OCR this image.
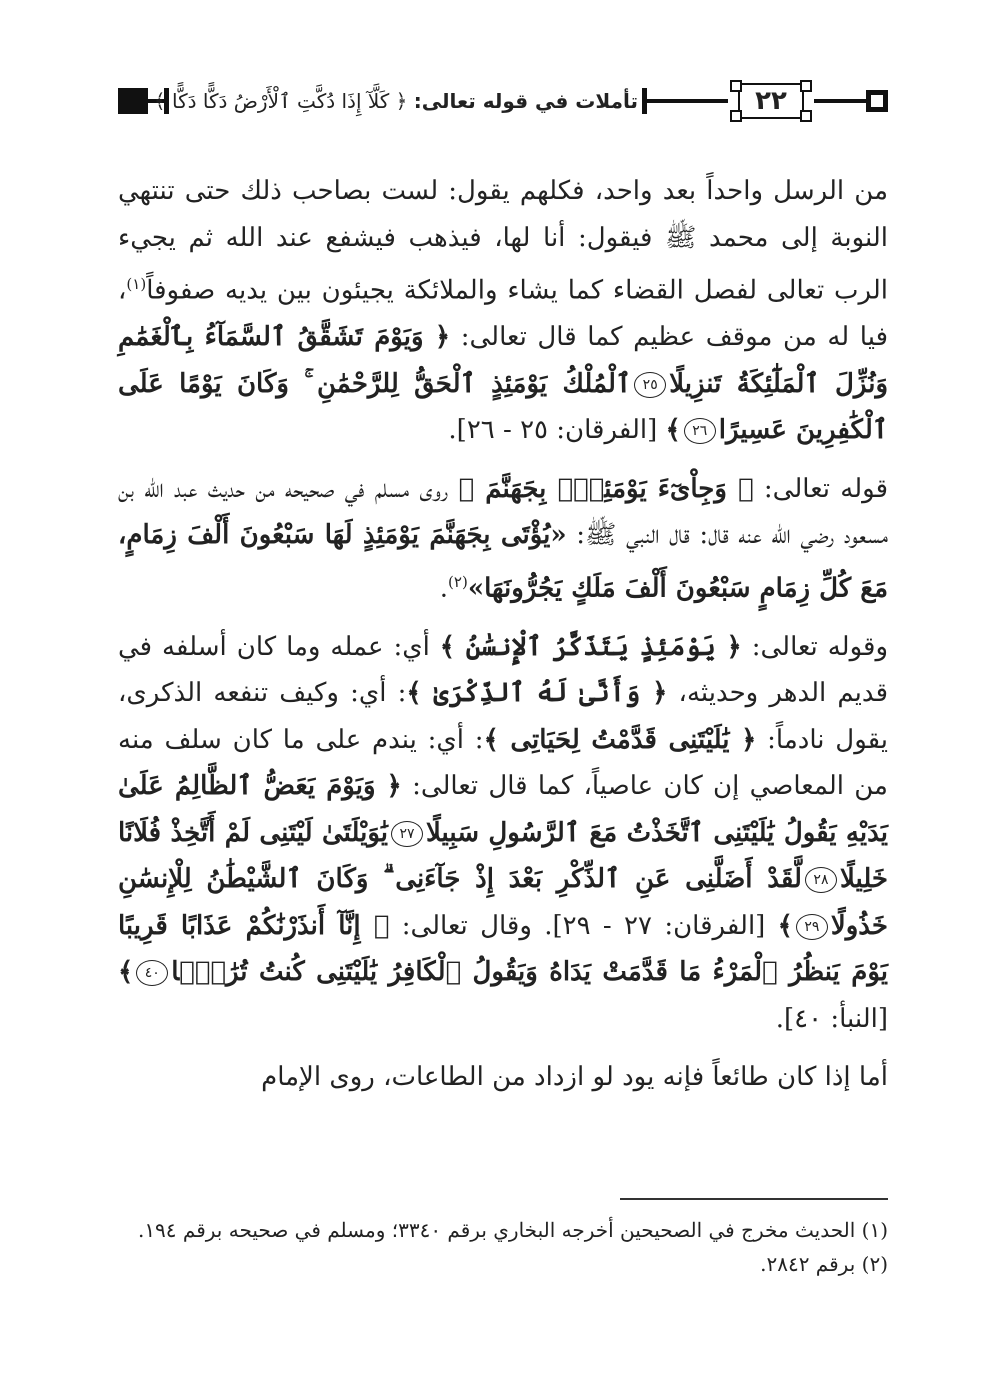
٢٢
تأملات في قوله تعالى: ﴿ كَلَّآ إِذَا دُكَّتِ ٱلْأَرْضُ دَكًّا دَكًّا ﴾

من الرسل واحداً بعد واحد، فكلهم يقول: لست بصاحب ذلك حتى تنتهي النوبة إلى محمد ﷺ فيقول: أنا لها، فيذهب فيشفع عند الله ثم يجيء الرب تعالى لفصل القضاء كما يشاء والملائكة يجيئون بين يديه صفوفاً$^{(١)}$، فيا له من موقف عظيم كما قال تعالى: ﴿ وَيَوْمَ تَشَقَّقُ ٱلسَّمَآءُ بِٱلْغَمَٰمِ وَنُزِّلَ ٱلْمَلَٰٓئِكَةُ تَنزِيلًا٢٥ٱلْمُلْكُ يَوْمَئِذٍ ٱلْحَقُّ لِلرَّحْمَٰنِ ۚ وَكَانَ يَوْمًا عَلَى ٱلْكَٰفِرِينَ عَسِيرًا٢٦﴾ [الفرقان: ٢٥ - ٢٦].

قوله تعالى: ﴿ وَجِاْىٓءَ يَوْمَئِذٍۭ بِجَهَنَّمَ ﴾ روى مسلم في صحيحه من حديث عبد الله بن مسعود رضي الله عنه قال: قال النبي ﷺ: «يُؤْتَى بِجَهَنَّمَ يَوْمَئِذٍ لَهَا سَبْعُونَ أَلْفَ زِمَامٍ، مَعَ كُلِّ زِمَامٍ سَبْعُونَ أَلْفَ مَلَكٍ يَجُرُّونَهَا»$^{(٢)}$.

وقوله تعالى: ﴿ يَوْمَئِذٍ يَتَذَكَّرُ ٱلْإِنسَٰنُ ﴾ أي: عمله وما كان أسلفه في قديم الدهر وحديثه، ﴿ وَأَنَّىٰ لَهُ ٱلذِّكْرَىٰ ﴾: أي: وكيف تنفعه الذكرى، يقول نادماً: ﴿ يَٰلَيْتَنِى قَدَّمْتُ لِحَيَاتِى ﴾: أي: يندم على ما كان سلف منه من المعاصي إن كان عاصياً، كما قال تعالى: ﴿ وَيَوْمَ يَعَضُّ ٱلظَّالِمُ عَلَىٰ يَدَيْهِ يَقُولُ يَٰلَيْتَنِى ٱتَّخَذْتُ مَعَ ٱلرَّسُولِ سَبِيلًا٢٧يَٰوَيْلَتَىٰ لَيْتَنِى لَمْ أَتَّخِذْ فُلَانًا خَلِيلًا٢٨لَّقَدْ أَضَلَّنِى عَنِ ٱلذِّكْرِ بَعْدَ إِذْ جَآءَنِى ۗ وَكَانَ ٱلشَّيْطَٰنُ لِلْإِنسَٰنِ خَذُولًا٢٩﴾ [الفرقان: ٢٧ - ٢٩]. وقال تعالى: ﴿ إِنَّآ أَنذَرْنَٰكُمْ عَذَابًا قَرِيبًا يَوْمَ يَنظُرُ ٱلْمَرْءُ مَا قَدَّمَتْ يَدَاهُ وَيَقُولُ ٱلْكَافِرُ يَٰلَيْتَنِى كُنتُ تُرَٰبًۢا٤٠﴾ [النبأ: ٤٠].

أما إذا كان طائعاً فإنه يود لو ازداد من الطاعات، روى الإمام

(١) الحديث مخرج في الصحيحين أخرجه البخاري برقم ٣٣٤٠؛ ومسلم في صحيحه برقم ١٩٤.

(٢) برقم ٢٨٤٢.
